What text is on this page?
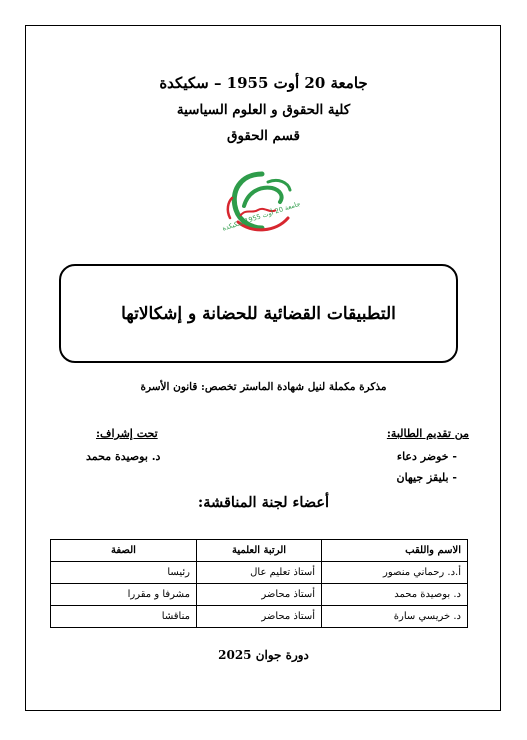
جامعة 20 أوت 1955 – سكيكدة
كلية الحقوق و العلوم السياسية
قسم الحقوق
جامعة 20 أوت 1955 سكيكدة
التطبيقات القضائية للحضانة و إشكالاتها
مذكرة مكملة لنيل شهادة الماستر تخصص: قانون الأسرة
من تقديم الطالبة:
تحت إشراف:
- خوضر دعاء
- بليقز جيهان
د. بوصيدة محمد
أعضاء لجنة المناقشة:
الاسم واللقب	الرتبة العلمية	الصفة
أ.د. رحماني منصور	أستاذ تعليم عال	رئيسا
د. بوصيدة محمد	أستاذ محاضر	مشرفا و مقررا
د. خريسي سارة	أستاذ محاضر	مناقشا
دورة جوان 2025
